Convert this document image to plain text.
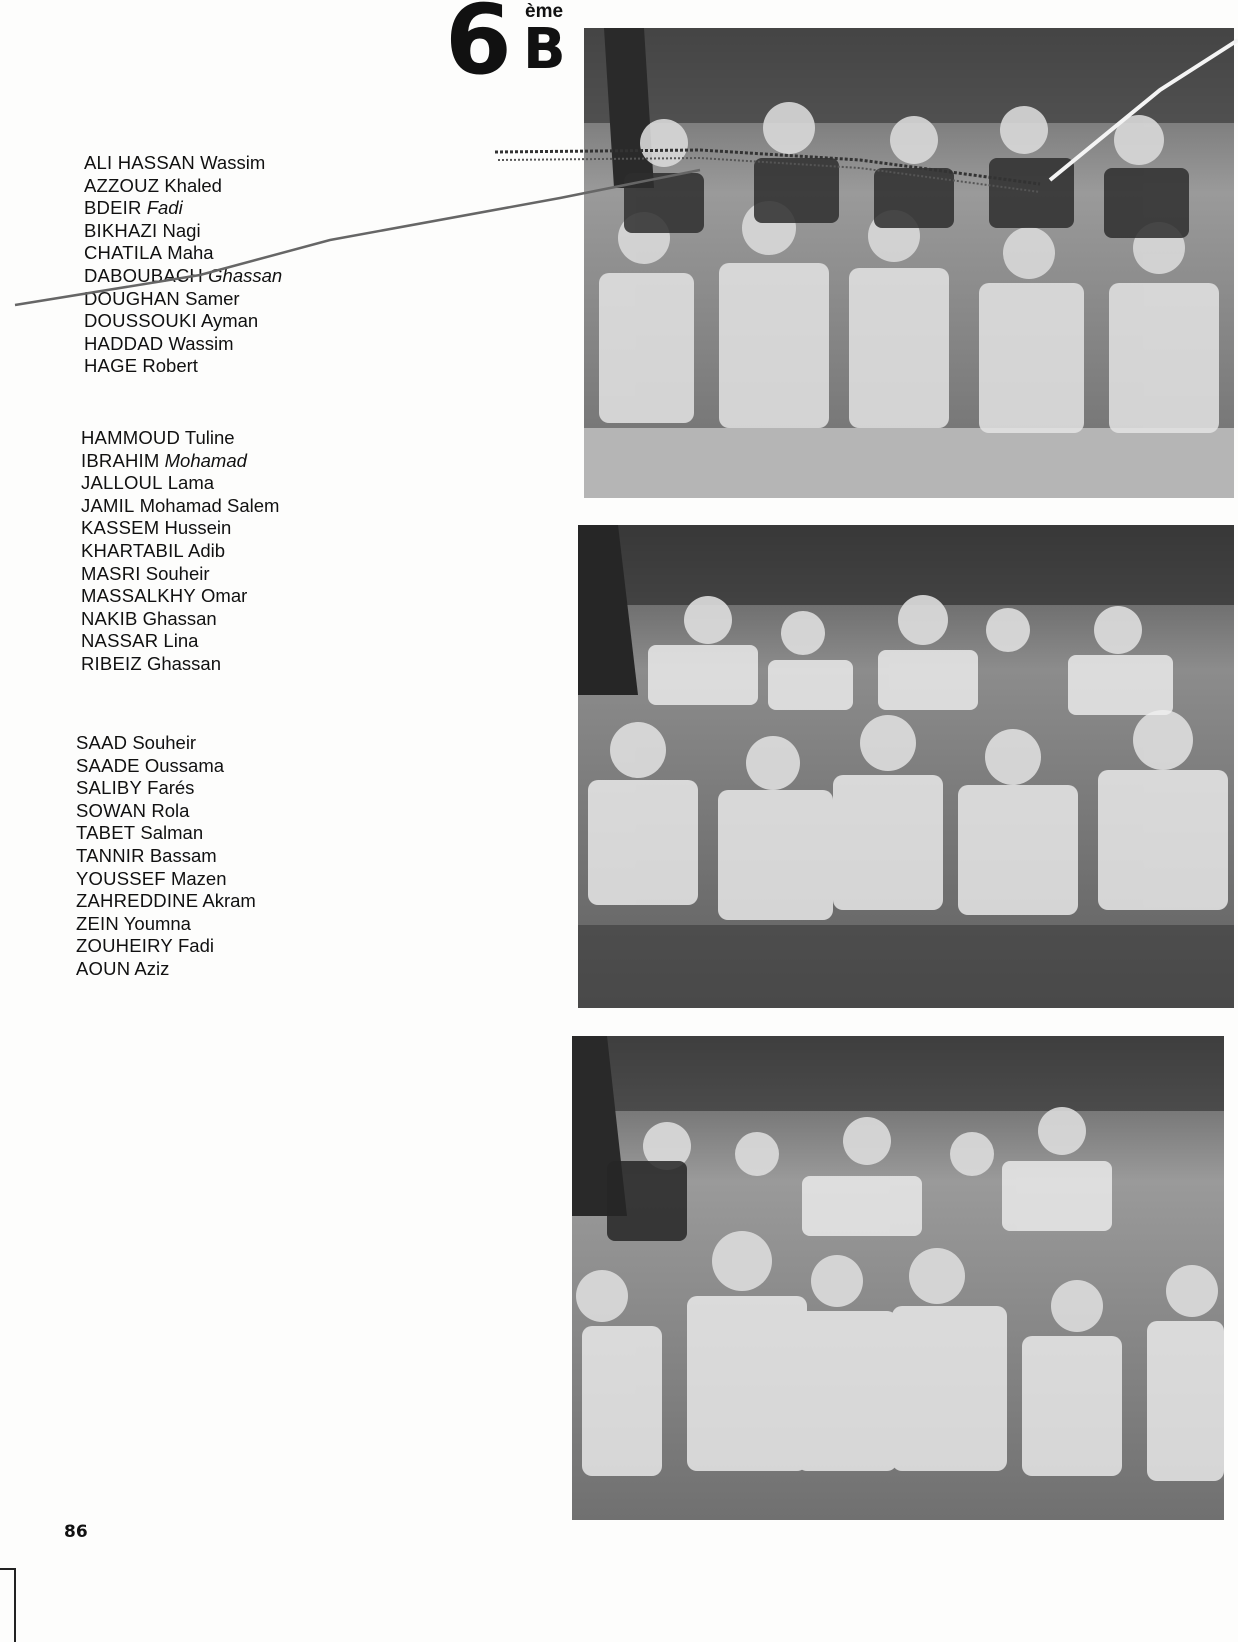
6 ème
B
ALI HASSAN Wassim
AZZOUZ Khaled
BDEIR Fadi
BIKHAZI Nagi
CHATILA Maha
DABOUBACH Ghassan
DOUGHAN Samer
DOUSSOUKI Ayman
HADDAD Wassim
HAGE Robert
HAMMOUD Tuline
IBRAHIM Mohamad
JALLOUL Lama
JAMIL Mohamad Salem
KASSEM Hussein
KHARTABIL Adib
MASRI Souheir
MASSALKHY Omar
NAKIB Ghassan
NASSAR Lina
RIBEIZ Ghassan
SAAD Souheir
SAADE Oussama
SALIBY Farés
SOWAN Rola
TABET Salman
TANNIR Bassam
YOUSSEF Mazen
ZAHREDDINE Akram
ZEIN Youmna
ZOUHEIRY Fadi
AOUN Aziz
86
